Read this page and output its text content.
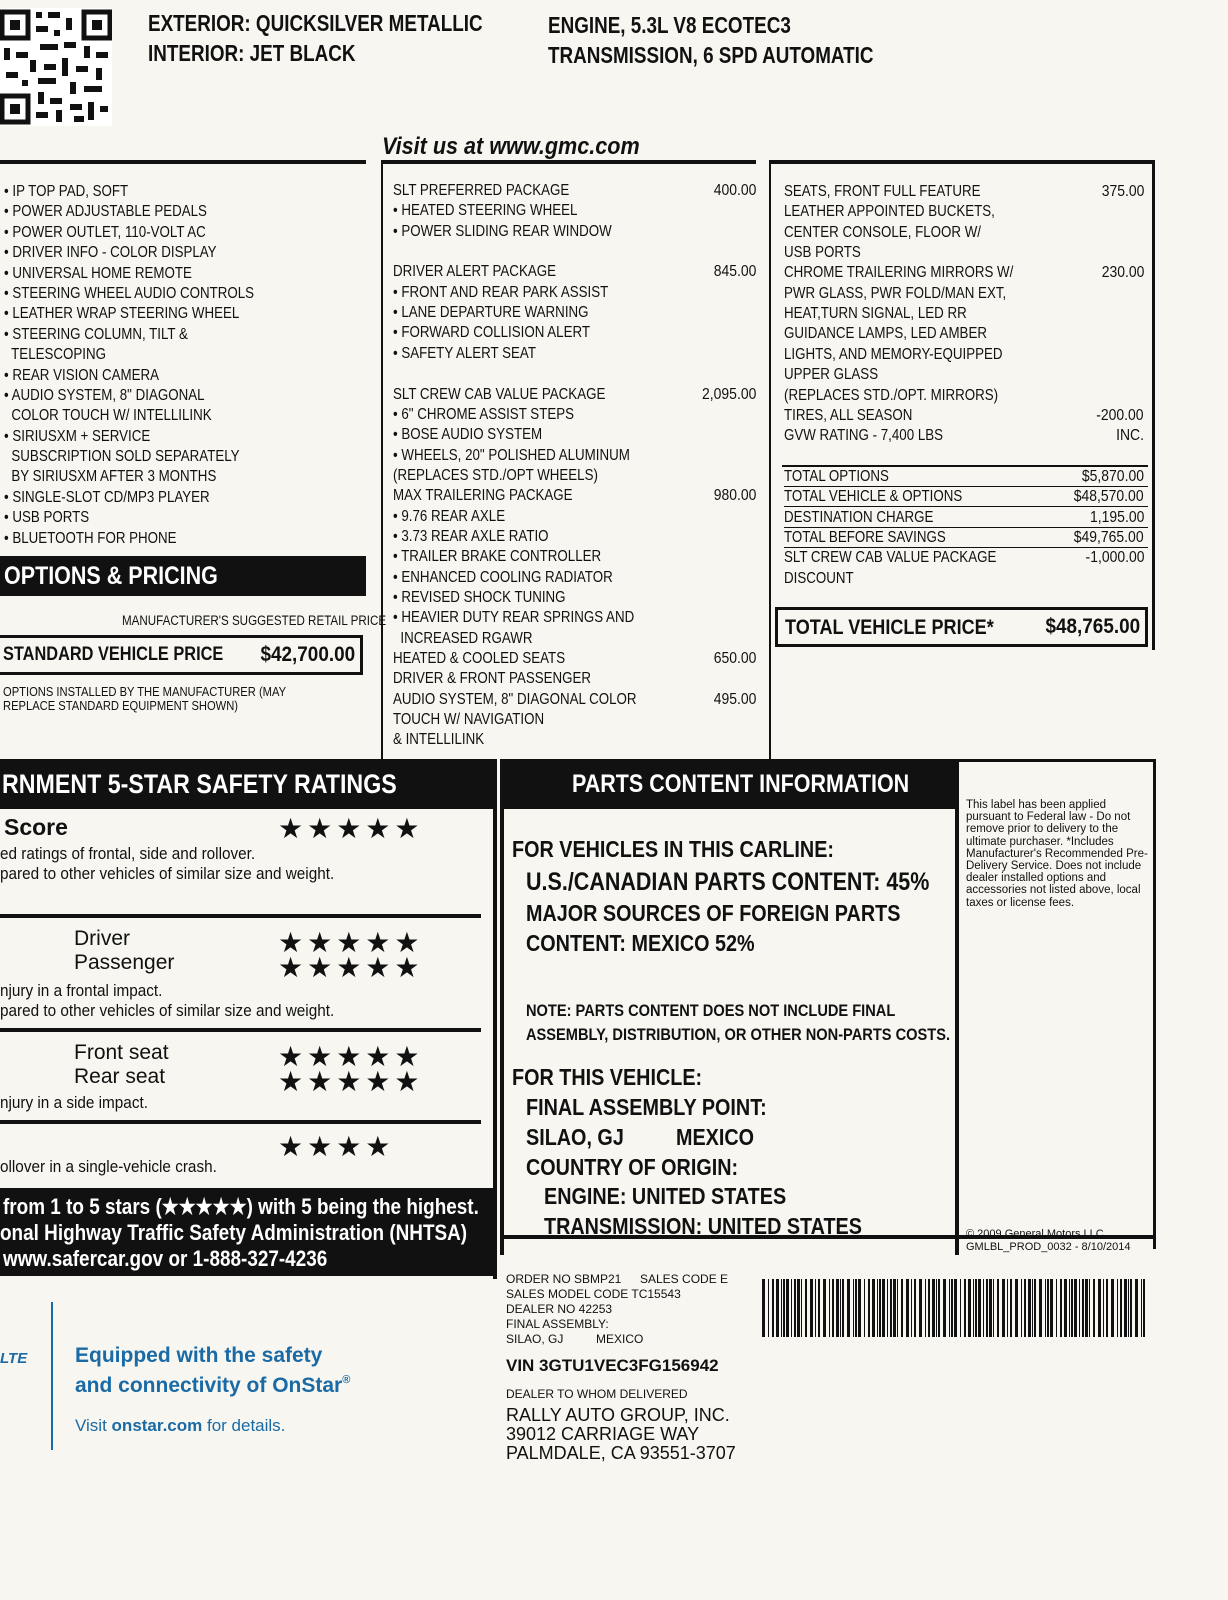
EXTERIOR: QUICKSILVER METALLIC
INTERIOR: JET BLACK
ENGINE, 5.3L V8 ECOTEC3
TRANSMISSION, 6 SPD AUTOMATIC
Visit us at www.gmc.com
• IP TOP PAD, SOFT
• POWER ADJUSTABLE PEDALS
• POWER OUTLET, 110-VOLT AC
• DRIVER INFO - COLOR DISPLAY
• UNIVERSAL HOME REMOTE
• STEERING WHEEL AUDIO CONTROLS
• LEATHER WRAP STEERING WHEEL
• STEERING COLUMN, TILT &
TELESCOPING
• REAR VISION CAMERA
• AUDIO SYSTEM, 8" DIAGONAL
COLOR TOUCH W/ INTELLILINK
• SIRIUSXM + SERVICE
SUBSCRIPTION SOLD SEPARATELY
BY SIRIUSXM AFTER 3 MONTHS
• SINGLE-SLOT CD/MP3 PLAYER
• USB PORTS
• BLUETOOTH FOR PHONE
OPTIONS & PRICING
MANUFACTURER'S SUGGESTED RETAIL PRICE
STANDARD VEHICLE PRICE $42,700.00
OPTIONS INSTALLED BY THE MANUFACTURER (MAY REPLACE STANDARD EQUIPMENT SHOWN)
SLT PREFERRED PACKAGE	400.00
• HEATED STEERING WHEEL
• POWER SLIDING REAR WINDOW
DRIVER ALERT PACKAGE	845.00
• FRONT AND REAR PARK ASSIST
• LANE DEPARTURE WARNING
• FORWARD COLLISION ALERT
• SAFETY ALERT SEAT
SLT CREW CAB VALUE PACKAGE	2,095.00
• 6" CHROME ASSIST STEPS
• BOSE AUDIO SYSTEM
• WHEELS, 20" POLISHED ALUMINUM
(REPLACES STD./OPT WHEELS)
MAX TRAILERING PACKAGE	980.00
• 9.76 REAR AXLE
• 3.73 REAR AXLE RATIO
• TRAILER BRAKE CONTROLLER
• ENHANCED COOLING RADIATOR
• REVISED SHOCK TUNING
• HEAVIER DUTY REAR SPRINGS AND
INCREASED RGAWR
HEATED & COOLED SEATS	650.00
DRIVER & FRONT PASSENGER
AUDIO SYSTEM, 8" DIAGONAL COLOR	495.00
TOUCH W/ NAVIGATION
& INTELLILINK
SEATS, FRONT FULL FEATURE	375.00
LEATHER APPOINTED BUCKETS,
CENTER CONSOLE, FLOOR W/
USB PORTS
CHROME TRAILERING MIRRORS W/	230.00
PWR GLASS, PWR FOLD/MAN EXT,
HEAT,TURN SIGNAL, LED RR
GUIDANCE LAMPS, LED AMBER
LIGHTS, AND MEMORY-EQUIPPED
UPPER GLASS
(REPLACES STD./OPT. MIRRORS)
TIRES, ALL SEASON	-200.00
GVW RATING - 7,400 LBS	INC.
TOTAL OPTIONS	$5,870.00
TOTAL VEHICLE & OPTIONS	$48,570.00
DESTINATION CHARGE	1,195.00
TOTAL BEFORE SAVINGS	$49,765.00
SLT CREW CAB VALUE PACKAGE	-1,000.00
DISCOUNT
TOTAL VEHICLE PRICE* $48,765.00
RNMENT 5-STAR SAFETY RATINGS
Score	★★★★★
ed ratings of frontal, side and rollover.
pared to other vehicles of similar size and weight.
Driver
Passenger
★★★★★
★★★★★
njury in a frontal impact.
pared to other vehicles of similar size and weight.
Front seat
Rear seat
★★★★★
★★★★★
njury in a side impact.
★★★★
ollover in a single-vehicle crash.
from 1 to 5 stars (★★★★★) with 5 being the highest.
onal Highway Traffic Safety Administration (NHTSA)
www.safercar.gov or 1-888-327-4236
LTE Equipped with the safety
and connectivity of OnStar®
Visit onstar.com for details.
PARTS CONTENT INFORMATION
FOR VEHICLES IN THIS CARLINE:
U.S./CANADIAN PARTS CONTENT: 45%
MAJOR SOURCES OF FOREIGN PARTS
CONTENT: MEXICO 52%
NOTE: PARTS CONTENT DOES NOT INCLUDE FINAL
ASSEMBLY, DISTRIBUTION, OR OTHER NON-PARTS COSTS.
FOR THIS VEHICLE:
FINAL ASSEMBLY POINT:
SILAO, GJ MEXICO
COUNTRY OF ORIGIN:
ENGINE: UNITED STATES
TRANSMISSION: UNITED STATES
This label has been applied pursuant to Federal law - Do not remove prior to delivery to the ultimate purchaser. *Includes Manufacturer's Recommended Pre-Delivery Service. Does not include dealer installed options and accessories not listed above, local taxes or license fees.
© 2009 General Motors LLC
GMLBL_PROD_0032 - 8/10/2014
ORDER NO SBMP21 SALES CODE E
SALES MODEL CODE TC15543
DEALER NO 42253
FINAL ASSEMBLY:
SILAO, GJ	MEXICO
VIN 3GTU1VEC3FG156942
DEALER TO WHOM DELIVERED
RALLY AUTO GROUP, INC.
39012 CARRIAGE WAY
PALMDALE, CA 93551-3707
